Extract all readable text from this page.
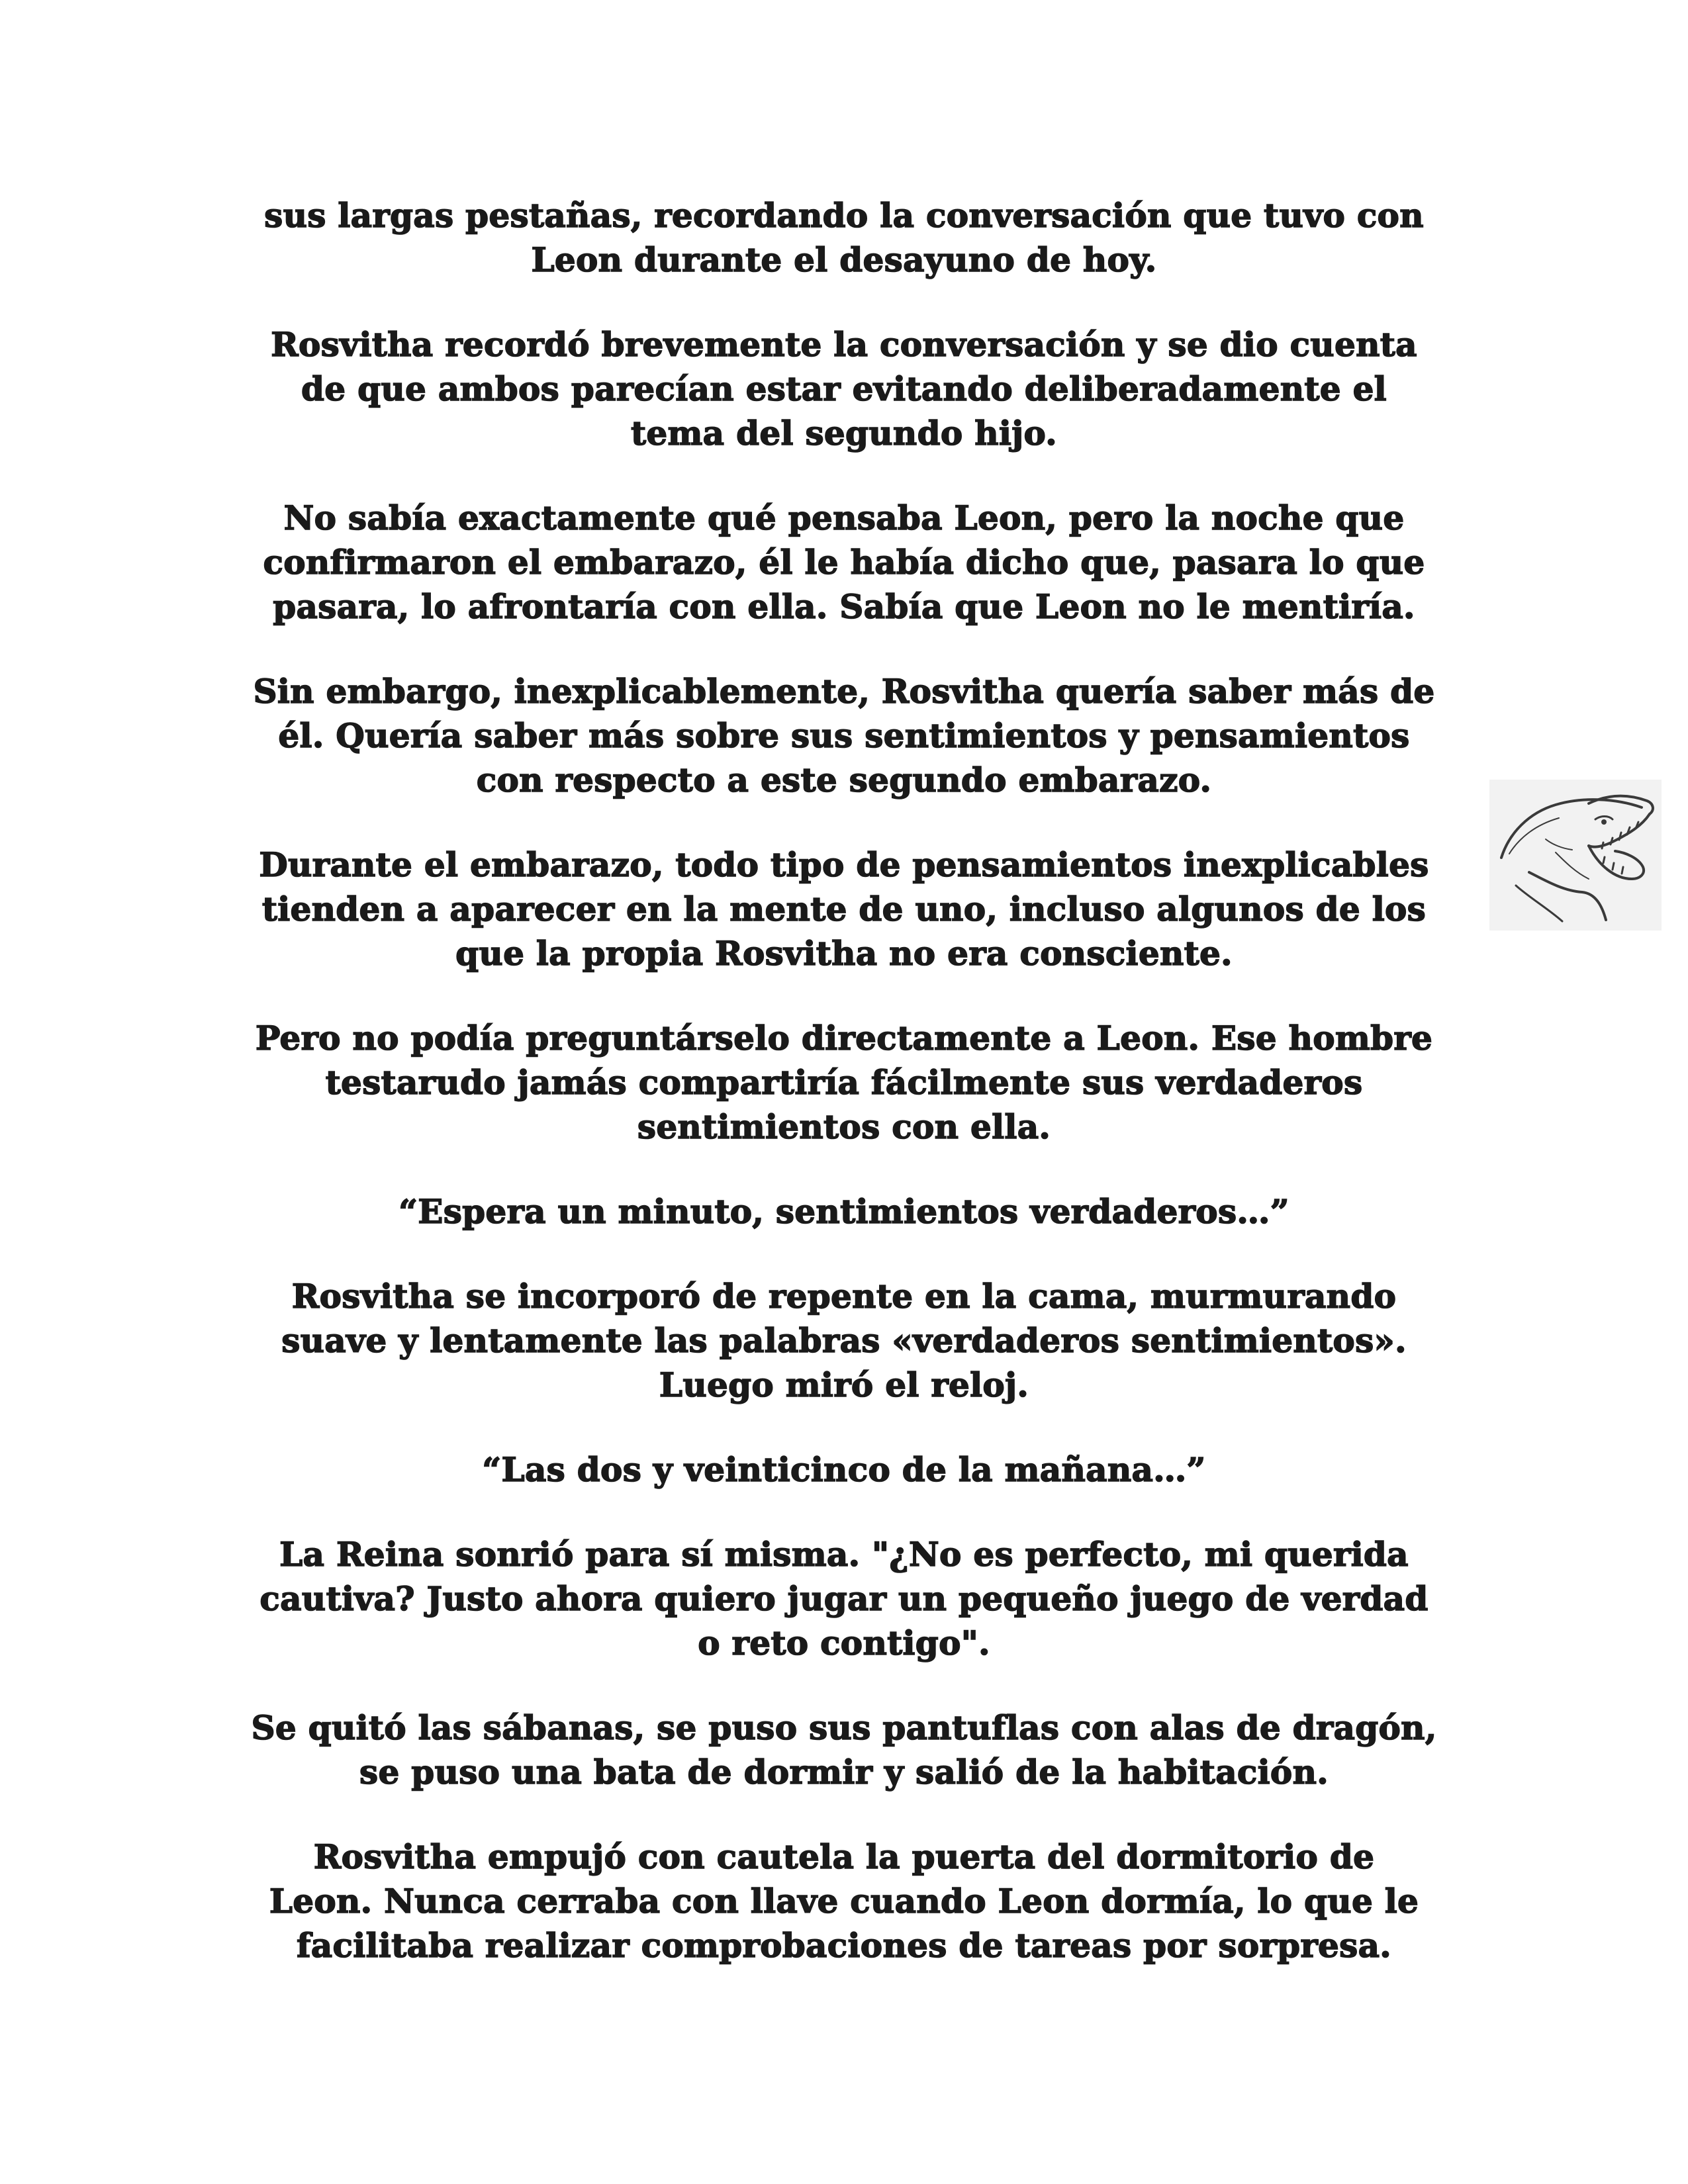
sus largas pestañas, recordando la conversación que tuvo con
Leon durante el desayuno de hoy.

Rosvitha recordó brevemente la conversación y se dio cuenta
de que ambos parecían estar evitando deliberadamente el
tema del segundo hijo.

No sabía exactamente qué pensaba Leon, pero la noche que
confirmaron el embarazo, él le había dicho que, pasara lo que
pasara, lo afrontaría con ella. Sabía que Leon no le mentiría.

Sin embargo, inexplicablemente, Rosvitha quería saber más de
él. Quería saber más sobre sus sentimientos y pensamientos
con respecto a este segundo embarazo.

Durante el embarazo, todo tipo de pensamientos inexplicables
tienden a aparecer en la mente de uno, incluso algunos de los
que la propia Rosvitha no era consciente.

Pero no podía preguntárselo directamente a Leon. Ese hombre
testarudo jamás compartiría fácilmente sus verdaderos
sentimientos con ella.

“Espera un minuto, sentimientos verdaderos…”

Rosvitha se incorporó de repente en la cama, murmurando
suave y lentamente las palabras «verdaderos sentimientos».
Luego miró el reloj.

“Las dos y veinticinco de la mañana…”

La Reina sonrió para sí misma. "¿No es perfecto, mi querida
cautiva? Justo ahora quiero jugar un pequeño juego de verdad
o reto contigo".

Se quitó las sábanas, se puso sus pantuflas con alas de dragón,
se puso una bata de dormir y salió de la habitación.

Rosvitha empujó con cautela la puerta del dormitorio de
Leon. Nunca cerraba con llave cuando Leon dormía, lo que le
facilitaba realizar comprobaciones de tareas por sorpresa.
